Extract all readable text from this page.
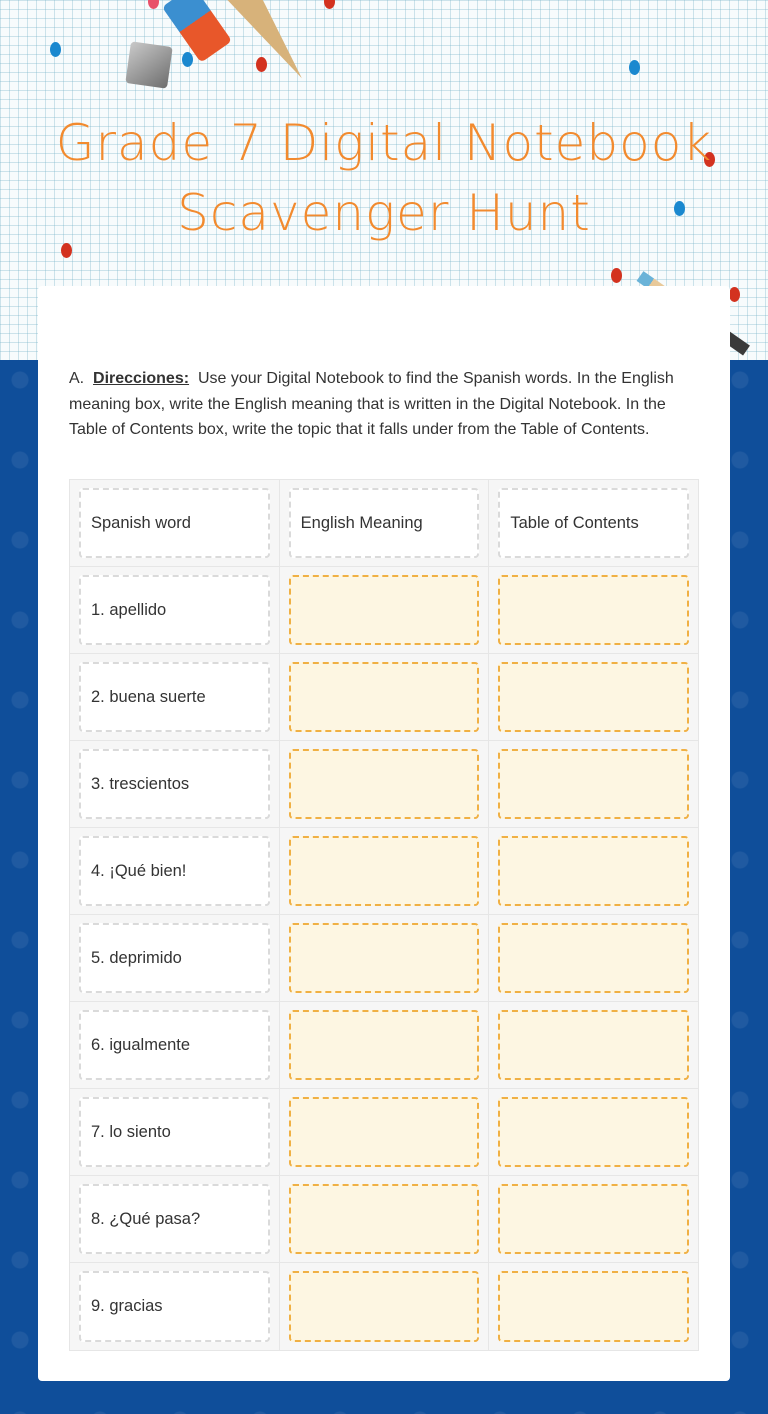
Grade 7 Digital Notebook
Scavenger Hunt
A. Direcciones: Use your Digital Notebook to find the Spanish words. In the English meaning box, write the English meaning that is written in the Digital Notebook. In the Table of Contents box, write the topic that it falls under from the Table of Contents.
Spanish word	English Meaning	Table of Contents
1. apellido
2. buena suerte
3. trescientos
4. ¡Qué bien!
5. deprimido
6. igualmente
7. lo siento
8. ¿Qué pasa?
9. gracias
